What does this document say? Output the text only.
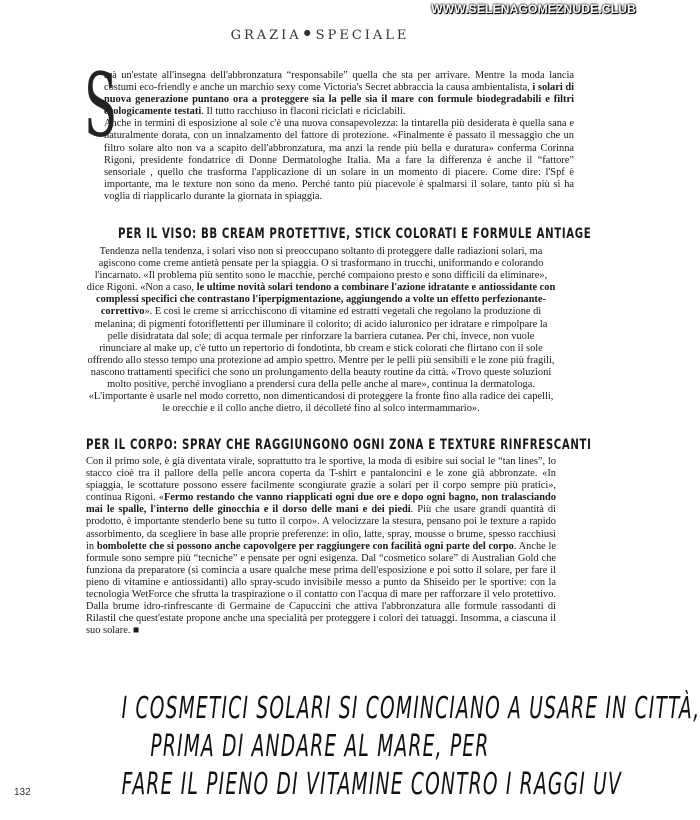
WWW.SELENAGOMEZNUDE.CLUB
GRAZIA ● SPECIALE
S
arà un'estate all'insegna dell'abbronzatura “responsabile” quella che sta per arrivare. Mentre la moda lancia costumi eco-friendly e anche un marchio sexy come Victoria's Secret abbraccia la causa ambientalista, i solari di nuova generazione puntano ora a proteggere sia la pelle sia il mare con formule biodegradabili e filtri ecologicamente testati. Il tutto racchiuso in flaconi riciclati e riciclabili.
Anche in termini di esposizione al sole c'è una nuova consapevolezza: la tintarella più desiderata è quella sana e naturalmente dorata, con un innalzamento del fattore di protezione. «Finalmente è passato il messaggio che un filtro solare alto non va a scapito dell'abbronzatura, ma anzi la rende più bella e duratura» conferma Corinna Rigoni, presidente fondatrice di Donne Dermatologhe Italia. Ma a fare la differenza è anche il “fattore” sensoriale , quello che trasforma l'applicazione di un solare in un momento di piacere. Come dire: l'Spf è importante, ma le texture non sono da meno. Perché tanto più piacevole è spalmarsi il solare, tanto più si ha voglia di riapplicarlo durante la giornata in spiaggia.
PER IL VISO: BB CREAM PROTETTIVE, STICK COLORATI E FORMULE ANTIAGE
Tendenza nella tendenza, i solari viso non si preoccupano soltanto di proteggere dalle radiazioni solari, ma agiscono come creme antietà pensate per la spiaggia. O si trasformano in trucchi, uniformando e colorando l'incarnato. «Il problema più sentito sono le macchie, perché compaiono presto e sono difficili da eliminare», dice Rigoni. «Non a caso, le ultime novità solari tendono a combinare l'azione idratante e antiossidante con complessi specifici che contrastano l'iperpigmentazione, aggiungendo a volte un effetto perfezionante-correttivo». E così le creme si arricchiscono di vitamine ed estratti vegetali che regolano la produzione di melanina; di pigmenti fotoriflettenti per illuminare il colorito; di acido ialuronico per idratare e rimpolpare la pelle disidratata dal sole; di acqua termale per rinforzare la barriera cutanea. Per chi, invece, non vuole rinunciare al make up, c'è tutto un repertorio di fondotinta, bb cream e stick colorati che flirtano con il sole offrendo allo stesso tempo una protezione ad ampio spettro. Mentre per le pelli più sensibili e le zone più fragili, nascono trattamenti specifici che sono un prolungamento della beauty routine da città. «Trovo queste soluzioni molto positive, perché invogliano a prendersi cura della pelle anche al mare», continua la dermatologa. «L'importante è usarle nel modo corretto, non dimenticandosi di proteggere la fronte fino alla radice dei capelli, le orecchie e il collo anche dietro, il décolleté fino al solco intermammario».
PER IL CORPO: SPRAY CHE RAGGIUNGONO OGNI ZONA E TEXTURE RINFRESCANTI
Con il primo sole, è già diventata virale, soprattutto tra le sportive, la moda di esibire sui social le “tan lines”, lo stacco cioè tra il pallore della pelle ancora coperta da T-shirt e pantaloncini e le zone già abbronzate. «In spiaggia, le scottature possono essere facilmente scongiurate grazie a solari per il corpo sempre più pratici», continua Rigoni. «Fermo restando che vanno riapplicati ogni due ore e dopo ogni bagno, non tralasciando mai le spalle, l'interno delle ginocchia e il dorso delle mani e dei piedi. Più che usare grandi quantità di prodotto, è importante stenderlo bene su tutto il corpo». A velocizzare la stesura, pensano poi le texture a rapido assorbimento, da scegliere in base alle proprie preferenze: in olio, latte, spray, mousse o brume, spesso racchiusi in bombolette che si possono anche capovolgere per raggiungere con facilità ogni parte del corpo. Anche le formule sono sempre più “tecniche” e pensate per ogni esigenza. Dal “cosmetico solare” di Australian Gold che funziona da preparatore (si comincia a usare qualche mese prima dell'esposizione e poi sotto il solare, per fare il pieno di vitamine e antiossidanti) allo spray-scudo invisibile messo a punto da Shiseido per le sportive: con la tecnologia WetForce che sfrutta la traspirazione o il contatto con l'acqua di mare per rafforzare il velo protettivo. Dalla brume idro-rinfrescante di Germaine de Capuccini che attiva l'abbronzatura alle formule rassodanti di Rilastil che quest'estate propone anche una specialità per proteggere i colori dei tatuaggi. Insomma, a ciascuna il suo solare. ■
I COSMETICI SOLARI SI COMINCIANO A USARE IN CITTÀ,
PRIMA DI ANDARE AL MARE, PER
FARE IL PIENO DI VITAMINE CONTRO I RAGGI UV
132
